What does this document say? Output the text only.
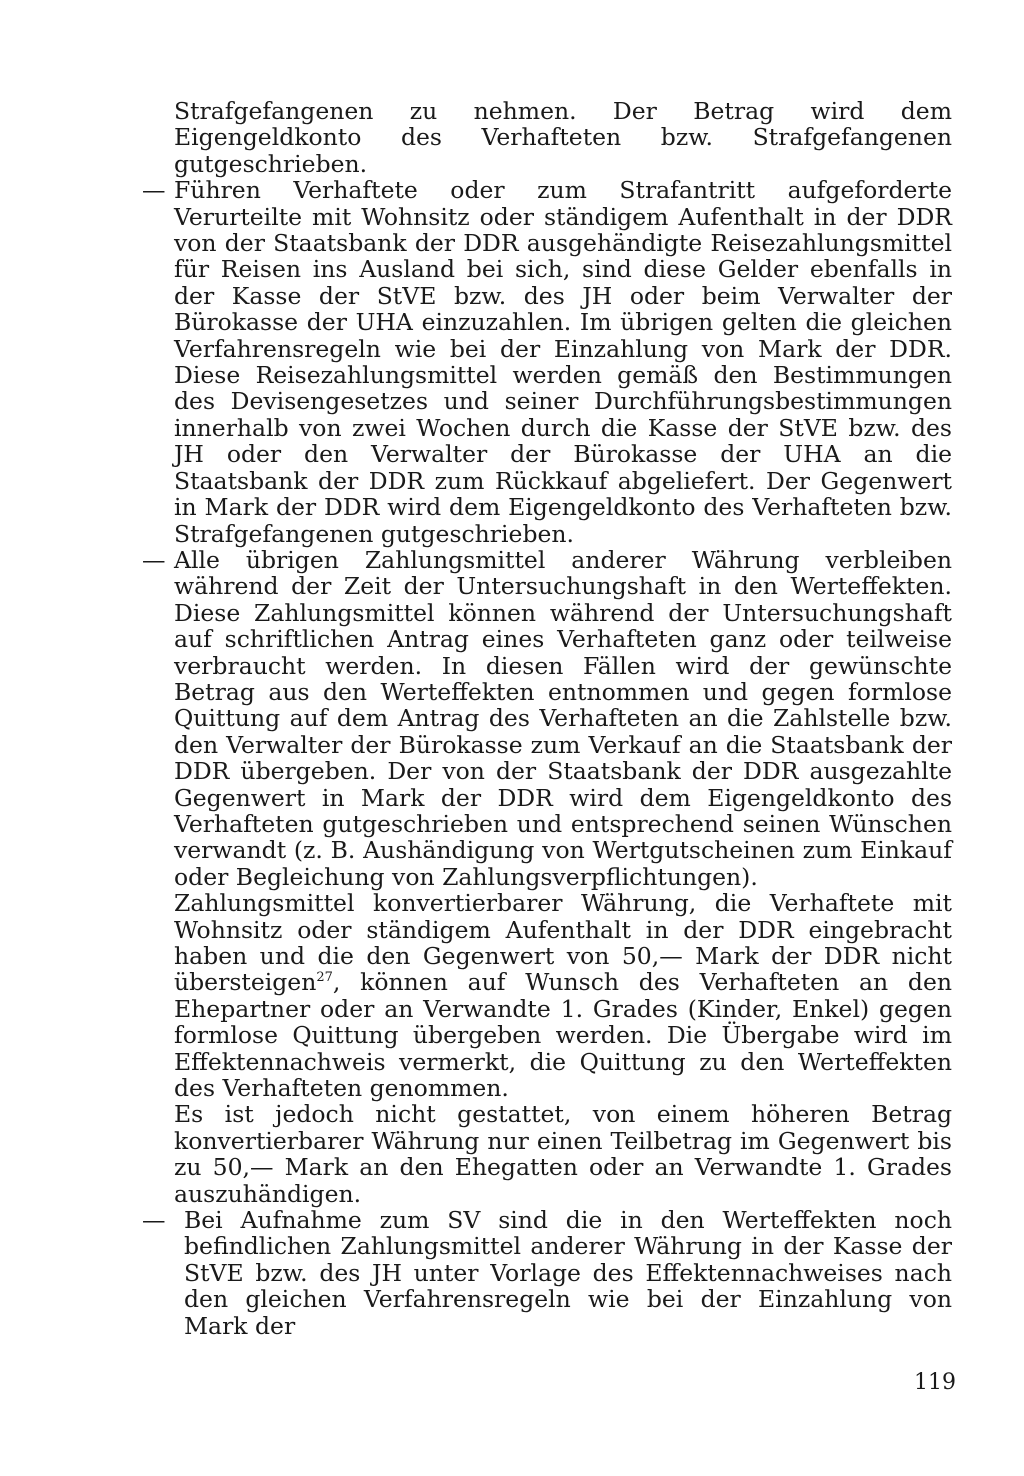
Strafgefangenen zu nehmen. Der Betrag wird dem Eigengeldkonto des Verhafteten bzw. Strafgefangenen gutgeschrieben.

— Führen Verhaftete oder zum Strafantritt aufgeforderte Verurteilte mit Wohnsitz oder ständigem Aufenthalt in der DDR von der Staatsbank der DDR ausgehändigte Reisezahlungsmittel für Reisen ins Ausland bei sich, sind diese Gelder ebenfalls in der Kasse der StVE bzw. des JH oder beim Verwalter der Bürokasse der UHA einzuzahlen. Im übrigen gelten die gleichen Verfahrensregeln wie bei der Einzahlung von Mark der DDR. Diese Reisezahlungsmittel werden gemäß den Bestimmungen des Devisengesetzes und seiner Durchführungsbestimmungen innerhalb von zwei Wochen durch die Kasse der StVE bzw. des JH oder den Verwalter der Bürokasse der UHA an die Staatsbank der DDR zum Rückkauf abgeliefert. Der Gegenwert in Mark der DDR wird dem Eigengeldkonto des Verhafteten bzw. Strafgefangenen gutgeschrieben.

— Alle übrigen Zahlungsmittel anderer Währung verbleiben während der Zeit der Untersuchungshaft in den Werteffekten. Diese Zahlungsmittel können während der Untersuchungshaft auf schriftlichen Antrag eines Verhafteten ganz oder teilweise verbraucht werden. In diesen Fällen wird der gewünschte Betrag aus den Werteffekten entnommen und gegen formlose Quittung auf dem Antrag des Verhafteten an die Zahlstelle bzw. den Verwalter der Bürokasse zum Verkauf an die Staatsbank der DDR übergeben. Der von der Staatsbank der DDR ausgezahlte Gegenwert in Mark der DDR wird dem Eigengeldkonto des Verhafteten gutgeschrieben und entsprechend seinen Wünschen verwandt (z. B. Aushändigung von Wertgutscheinen zum Einkauf oder Begleichung von Zahlungsverpflichtungen).

Zahlungsmittel konvertierbarer Währung, die Verhaftete mit Wohnsitz oder ständigem Aufenthalt in der DDR eingebracht haben und die den Gegenwert von 50,— Mark der DDR nicht übersteigen$^{27}$, können auf Wunsch des Verhafteten an den Ehepartner oder an Verwandte 1. Grades (Kinder, Enkel) gegen formlose Quittung übergeben werden. Die Übergabe wird im Effektennachweis vermerkt, die Quittung zu den Werteffekten des Verhafteten genommen.

Es ist jedoch nicht gestattet, von einem höheren Betrag konvertierbarer Währung nur einen Teilbetrag im Gegenwert bis zu 50,— Mark an den Ehegatten oder an Verwandte 1. Grades auszuhändigen.

— Bei Aufnahme zum SV sind die in den Werteffekten noch befindlichen Zahlungsmittel anderer Währung in der Kasse der StVE bzw. des JH unter Vorlage des Effektennachweises nach den gleichen Verfahrensregeln wie bei der Einzahlung von Mark der

119
